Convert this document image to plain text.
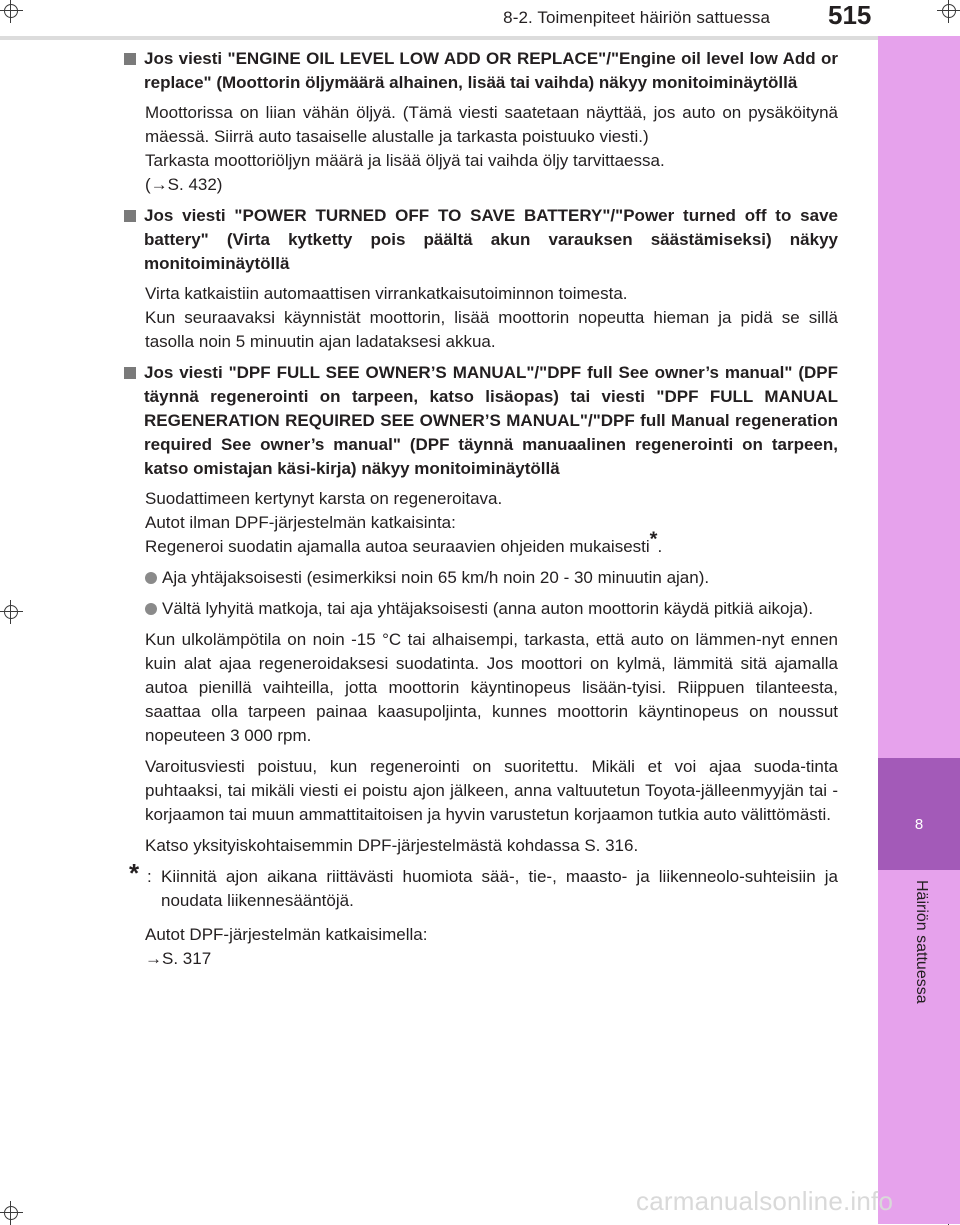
8-2. Toimenpiteet häiriön sattuessa 515
8
Häiriön sattuessa
Jos viesti "ENGINE OIL LEVEL LOW ADD OR REPLACE"/"Engine oil level low Add or replace" (Moottorin öljymäärä alhainen, lisää tai vaihda) näkyy monitoiminäytöllä
Moottorissa on liian vähän öljyä. (Tämä viesti saatetaan näyttää, jos auto on pysäköitynä mäessä. Siirrä auto tasaiselle alustalle ja tarkasta poistuuko viesti.)
Tarkasta moottoriöljyn määrä ja lisää öljyä tai vaihda öljy tarvittaessa.
(→S. 432)
Jos viesti "POWER TURNED OFF TO SAVE BATTERY"/"Power turned off to save battery" (Virta kytketty pois päältä akun varauksen säästämiseksi) näkyy monitoiminäytöllä
Virta katkaistiin automaattisen virrankatkaisutoiminnon toimesta.
Kun seuraavaksi käynnistät moottorin, lisää moottorin nopeutta hieman ja pidä se sillä tasolla noin 5 minuutin ajan ladataksesi akkua.
Jos viesti "DPF FULL SEE OWNER’S MANUAL"/"DPF full See owner’s manual" (DPF täynnä regenerointi on tarpeen, katso lisäopas) tai viesti "DPF FULL MANUAL REGENERATION REQUIRED SEE OWNER’S MANUAL"/"DPF full Manual regeneration required See owner’s manual" (DPF täynnä manuaalinen regenerointi on tarpeen, katso omistajan käsi-kirja) näkyy monitoiminäytöllä
Suodattimeen kertynyt karsta on regeneroitava.
Autot ilman DPF-järjestelmän katkaisinta:
Regeneroi suodatin ajamalla autoa seuraavien ohjeiden mukaisesti*.
Aja yhtäjaksoisesti (esimerkiksi noin 65 km/h noin 20 - 30 minuutin ajan).
Vältä lyhyitä matkoja, tai aja yhtäjaksoisesti (anna auton moottorin käydä pitkiä aikoja).
Kun ulkolämpötila on noin -15 °C tai alhaisempi, tarkasta, että auto on lämmen-nyt ennen kuin alat ajaa regeneroidaksesi suodatinta. Jos moottori on kylmä, lämmitä sitä ajamalla autoa pienillä vaihteilla, jotta moottorin käyntinopeus lisään-tyisi. Riippuen tilanteesta, saattaa olla tarpeen painaa kaasupoljinta, kunnes moottorin käyntinopeus on noussut nopeuteen 3 000 rpm.
Varoitusviesti poistuu, kun regenerointi on suoritettu. Mikäli et voi ajaa suoda-tinta puhtaaksi, tai mikäli viesti ei poistu ajon jälkeen, anna valtuutetun Toyota-jälleenmyyjän tai -korjaamon tai muun ammattitaitoisen ja hyvin varustetun korjaamon tutkia auto välittömästi.
Katso yksityiskohtaisemmin DPF-järjestelmästä kohdassa S. 316.
* : Kiinnitä ajon aikana riittävästi huomiota sää-, tie-, maasto- ja liikenneolo-suhteisiin ja noudata liikennesääntöjä.
Autot DPF-järjestelmän katkaisimella:
→S. 317
carmanualsonline.info
